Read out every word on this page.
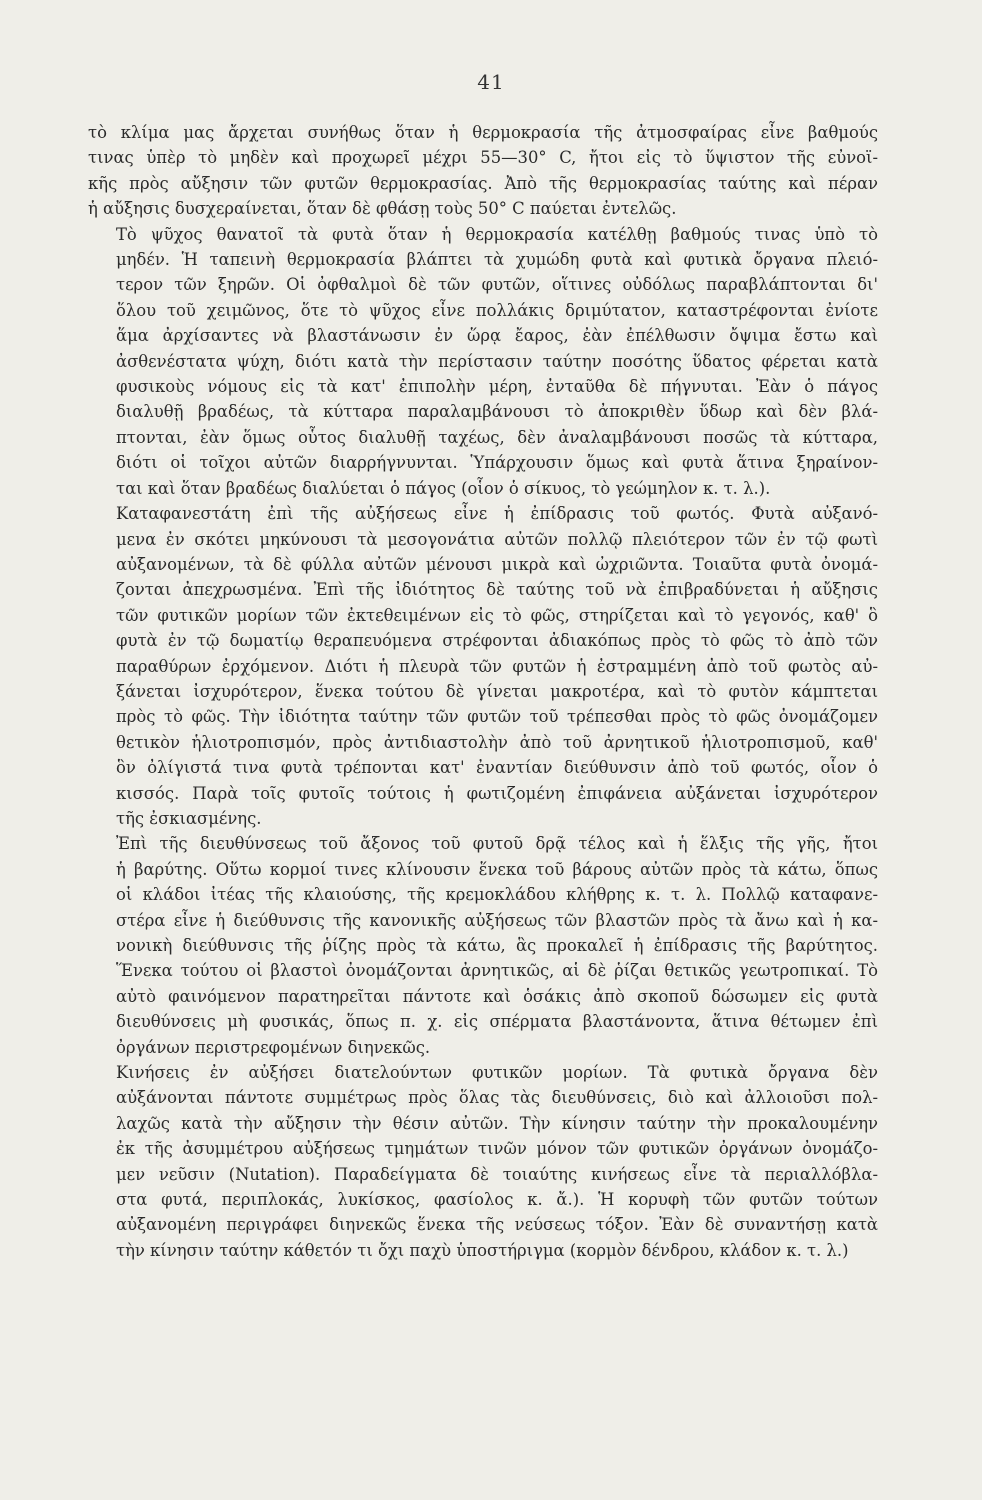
41

τὸ κλίμα μας ἄρχεται συνήθως ὅταν ἡ θερμοκρασία τῆς ἀτμοσφαίρας εἶνε βαθμούς
τινας ὑπὲρ τὸ μηδὲν καὶ προχωρεῖ μέχρι 55—30° C, ἤτοι εἰς τὸ ὕψιστον τῆς εὐνοϊ-
κῆς πρὸς αὔξησιν τῶν φυτῶν θερμοκρασίας. Ἀπὸ τῆς θερμοκρασίας ταύτης καὶ πέραν
ἡ αὔξησις δυσχεραίνεται, ὅταν δὲ φθάσῃ τοὺς 50° C παύεται ἐντελῶς.

Τὸ ψῦχος θανατοῖ τὰ φυτὰ ὅταν ἡ θερμοκρασία κατέλθῃ βαθμούς τινας ὑπὸ τὸ
μηδέν. Ἡ ταπεινὴ θερμοκρασία βλάπτει τὰ χυμώδη φυτὰ καὶ φυτικὰ ὄργανα πλειό-
τερον τῶν ξηρῶν. Οἱ ὀφθαλμοὶ δὲ τῶν φυτῶν, οἵτινες οὐδόλως παραβλάπτονται δι'
ὅλου τοῦ χειμῶνος, ὅτε τὸ ψῦχος εἶνε πολλάκις δριμύτατον, καταστρέφονται ἐνίοτε
ἅμα ἀρχίσαντες νὰ βλαστάνωσιν ἐν ὥρᾳ ἔαρος, ἐὰν ἐπέλθωσιν ὄψιμα ἔστω καὶ
ἀσθενέστατα ψύχη, διότι κατὰ τὴν περίστασιν ταύτην ποσότης ὕδατος φέρεται κατὰ
φυσικοὺς νόμους εἰς τὰ κατ' ἐπιπολὴν μέρη, ἐνταῦθα δὲ πήγνυται. Ἐὰν ὁ πάγος
διαλυθῇ βραδέως, τὰ κύτταρα παραλαμβάνουσι τὸ ἀποκριθὲν ὕδωρ καὶ δὲν βλά-
πτονται, ἐὰν ὅμως οὗτος διαλυθῇ ταχέως, δὲν ἀναλαμβάνουσι ποσῶς τὰ κύτταρα,
διότι οἱ τοῖχοι αὐτῶν διαρρήγνυνται. Ὑπάρχουσιν ὅμως καὶ φυτὰ ἅτινα ξηραίνον-
ται καὶ ὅταν βραδέως διαλύεται ὁ πάγος (οἷον ὁ σίκυος, τὸ γεώμηλον κ. τ. λ.).

Καταφανεστάτη ἐπὶ τῆς αὐξήσεως εἶνε ἡ ἐπίδρασις τοῦ φωτός. Φυτὰ αὐξανό-
μενα ἐν σκότει μηκύνουσι τὰ μεσογονάτια αὐτῶν πολλῷ πλειότερον τῶν ἐν τῷ φωτὶ
αὐξανομένων, τὰ δὲ φύλλα αὐτῶν μένουσι μικρὰ καὶ ὠχριῶντα. Τοιαῦτα φυτὰ ὀνομά-
ζονται ἀπεχρωσμένα. Ἐπὶ τῆς ἰδιότητος δὲ ταύτης τοῦ νὰ ἐπιβραδύνεται ἡ αὔξησις
τῶν φυτικῶν μορίων τῶν ἐκτεθειμένων εἰς τὸ φῶς, στηρίζεται καὶ τὸ γεγονός, καθ' ὃ
φυτὰ ἐν τῷ δωματίῳ θεραπευόμενα στρέφονται ἀδιακόπως πρὸς τὸ φῶς τὸ ἀπὸ τῶν
παραθύρων ἐρχόμενον. Διότι ἡ πλευρὰ τῶν φυτῶν ἡ ἐστραμμένη ἀπὸ τοῦ φωτὸς αὐ-
ξάνεται ἰσχυρότερον, ἕνεκα τούτου δὲ γίνεται μακροτέρα, καὶ τὸ φυτὸν κάμπτεται
πρὸς τὸ φῶς. Τὴν ἰδιότητα ταύτην τῶν φυτῶν τοῦ τρέπεσθαι πρὸς τὸ φῶς ὀνομάζομεν
θετικὸν ἡλιοτροπισμόν, πρὸς ἀντιδιαστολὴν ἀπὸ τοῦ ἀρνητικοῦ ἡλιοτροπισμοῦ, καθ'
ὃν ὀλίγιστά τινα φυτὰ τρέπονται κατ' ἐναντίαν διεύθυνσιν ἀπὸ τοῦ φωτός, οἷον ὁ
κισσός. Παρὰ τοῖς φυτοῖς τούτοις ἡ φωτιζομένη ἐπιφάνεια αὐξάνεται ἰσχυρότερον
τῆς ἐσκιασμένης.

Ἐπὶ τῆς διευθύνσεως τοῦ ἄξονος τοῦ φυτοῦ δρᾷ τέλος καὶ ἡ ἕλξις τῆς γῆς, ἤτοι
ἡ βαρύτης. Οὕτω κορμοί τινες κλίνουσιν ἕνεκα τοῦ βάρους αὐτῶν πρὸς τὰ κάτω, ὅπως
οἱ κλάδοι ἰτέας τῆς κλαιούσης, τῆς κρεμοκλάδου κλήθρης κ. τ. λ. Πολλῷ καταφανε-
στέρα εἶνε ἡ διεύθυνσις τῆς κανονικῆς αὐξήσεως τῶν βλαστῶν πρὸς τὰ ἄνω καὶ ἡ κα-
νονικὴ διεύθυνσις τῆς ῥίζης πρὸς τὰ κάτω, ἃς προκαλεῖ ἡ ἐπίδρασις τῆς βαρύτητος.
Ἕνεκα τούτου οἱ βλαστοὶ ὀνομάζονται ἀρνητικῶς, αἱ δὲ ῥίζαι θετικῶς γεωτροπικαί. Τὸ
αὐτὸ φαινόμενον παρατηρεῖται πάντοτε καὶ ὁσάκις ἀπὸ σκοποῦ δώσωμεν εἰς φυτὰ
διευθύνσεις μὴ φυσικάς, ὅπως π. χ. εἰς σπέρματα βλαστάνοντα, ἅτινα θέτωμεν ἐπὶ
ὀργάνων περιστρεφομένων διηνεκῶς.

Κινήσεις ἐν αὐξήσει διατελούντων φυτικῶν μορίων. Τὰ φυτικὰ ὄργανα δὲν
αὐξάνονται πάντοτε συμμέτρως πρὸς ὅλας τὰς διευθύνσεις, διὸ καὶ ἀλλοιοῦσι πολ-
λαχῶς κατὰ τὴν αὔξησιν τὴν θέσιν αὐτῶν. Τὴν κίνησιν ταύτην τὴν προκαλουμένην
ἐκ τῆς ἀσυμμέτρου αὐξήσεως τμημάτων τινῶν μόνον τῶν φυτικῶν ὀργάνων ὀνομάζο-
μεν νεῦσιν (Nutation). Παραδείγματα δὲ τοιαύτης κινήσεως εἶνε τὰ περιαλλόβλα-
στα φυτά, περιπλοκάς, λυκίσκος, φασίολος κ. ἄ.). Ἡ κορυφὴ τῶν φυτῶν τούτων
αὐξανομένη περιγράφει διηνεκῶς ἕνεκα τῆς νεύσεως τόξον. Ἐὰν δὲ συναντήσῃ κατὰ
τὴν κίνησιν ταύτην κάθετόν τι ὄχι παχὺ ὑποστήριγμα (κορμὸν δένδρου, κλάδον κ. τ. λ.)
